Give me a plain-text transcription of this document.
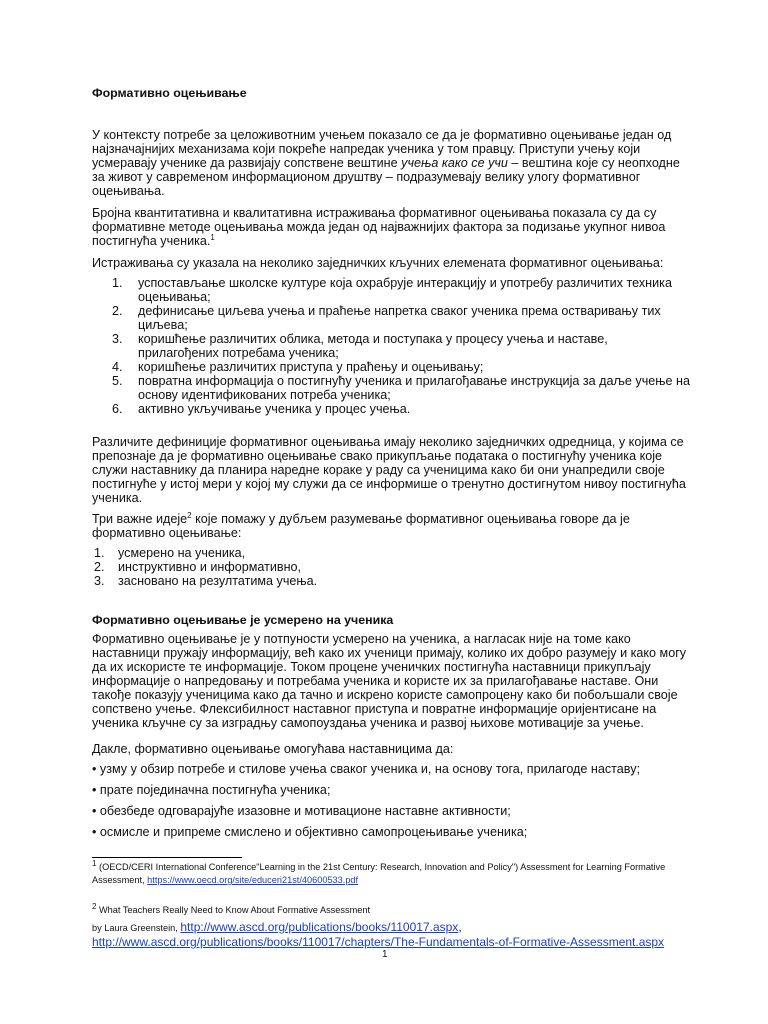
Формативно оцењивање

У контексту потребе за целоживотним учењем показало се да је формативно оцењивање један од најзначајнијих механизама који покреће напредак ученика у том правцу. Приступи учењу који усмеравају ученике да развијају сопствене вештине учења како се учи – вештина које су неопходне за живот у савременом информационом друштву – подразумевају велику улогу формативног оцењивања.

Бројна квантитативна и квалитативна истраживања формативног оцењивања показала су да су формативне методе оцењивања можда један од најважнијих фактора за подизање укупног нивоа постигнућа ученика.$^1$

Истраживања су указала на неколико заједничких кључних елемената формативног оцењивања:

1. успостављање школске културе која охрабрује интеракцију и употребу различитих техника оцењивања;
2. дефинисање циљева учења и праћење напретка сваког ученика према остваривању тих циљева;
3. коришћење различитих облика, метода и поступака у процесу учења и наставе, прилагођених потребама ученика;
4. коришћење различитих приступа у праћењу и оцењивању;
5. повратна информација о постигнућу ученика и прилагођавање инструкција за даље учење на основу идентификованих потреба ученика;
6. активно укључивање ученика у процес учења.

Различите дефиниције формативног оцењивања имају неколико заједничких одредница, у којима се препознаје да је формативно оцењивање свако прикупљање података о постигнућу ученика које служи наставнику да планира наредне кораке у раду са ученицима како би они унапредили своје постигнуће у истој мери у којој му служи да се информише о тренутно достигнутом нивоу постигнућа ученика.

Три важне идеје$^2$ које помажу у дубљем разумевање формативног оцењивања говоре да је формативно оцењивање:

1. усмерено на ученика,
2. инструктивно и информативно,
3. засновано на резултатима учења.
Формативно оцењивање је усмерено на ученика

Формативно оцењивање је у потпуности усмерено на ученика, а нагласак није на томе како наставници пружају информацију, већ како их ученици примају, колико их добро разумеју и како могу да их искористе те информације. Током процене ученичких постигнућа наставници прикупљају информације о напредовању и потребама ученика и користе их за прилагођавање наставе. Они такође показују ученицима како да тачно и искрено користе самопроцену како би побољшали своје сопствено учење. Флексибилност наставног приступа и повратне информације оријентисане на ученика кључне су за изградњу самопоуздања ученика и развој њихове мотивације за учење.

Дакле, формативно оцењивање омогућава наставницима да:

• узму у обзир потребе и стилове учења сваког ученика и, на основу тога, прилагоде наставу;

• прате појединачна постигнућа ученика;

• обезбеде одговарајуће изазовне и мотивационе наставне активности;

• осмисле и припреме смислено и објективно самопроцењивање ученика;

$^1$ (OECD/CERI International Conference"Learning in the 21st Century: Research, Innovation and Policy") Assessment for Learning Formative Assessment, https://www.oecd.org/site/educeri21st/40600533.pdf

$^2$ What Teachers Really Need to Know About Formative Assessment

by Laura Greenstein, http://www.ascd.org/publications/books/110017.aspx,
http://www.ascd.org/publications/books/110017/chapters/The-Fundamentals-of-Formative-Assessment.aspx

1
